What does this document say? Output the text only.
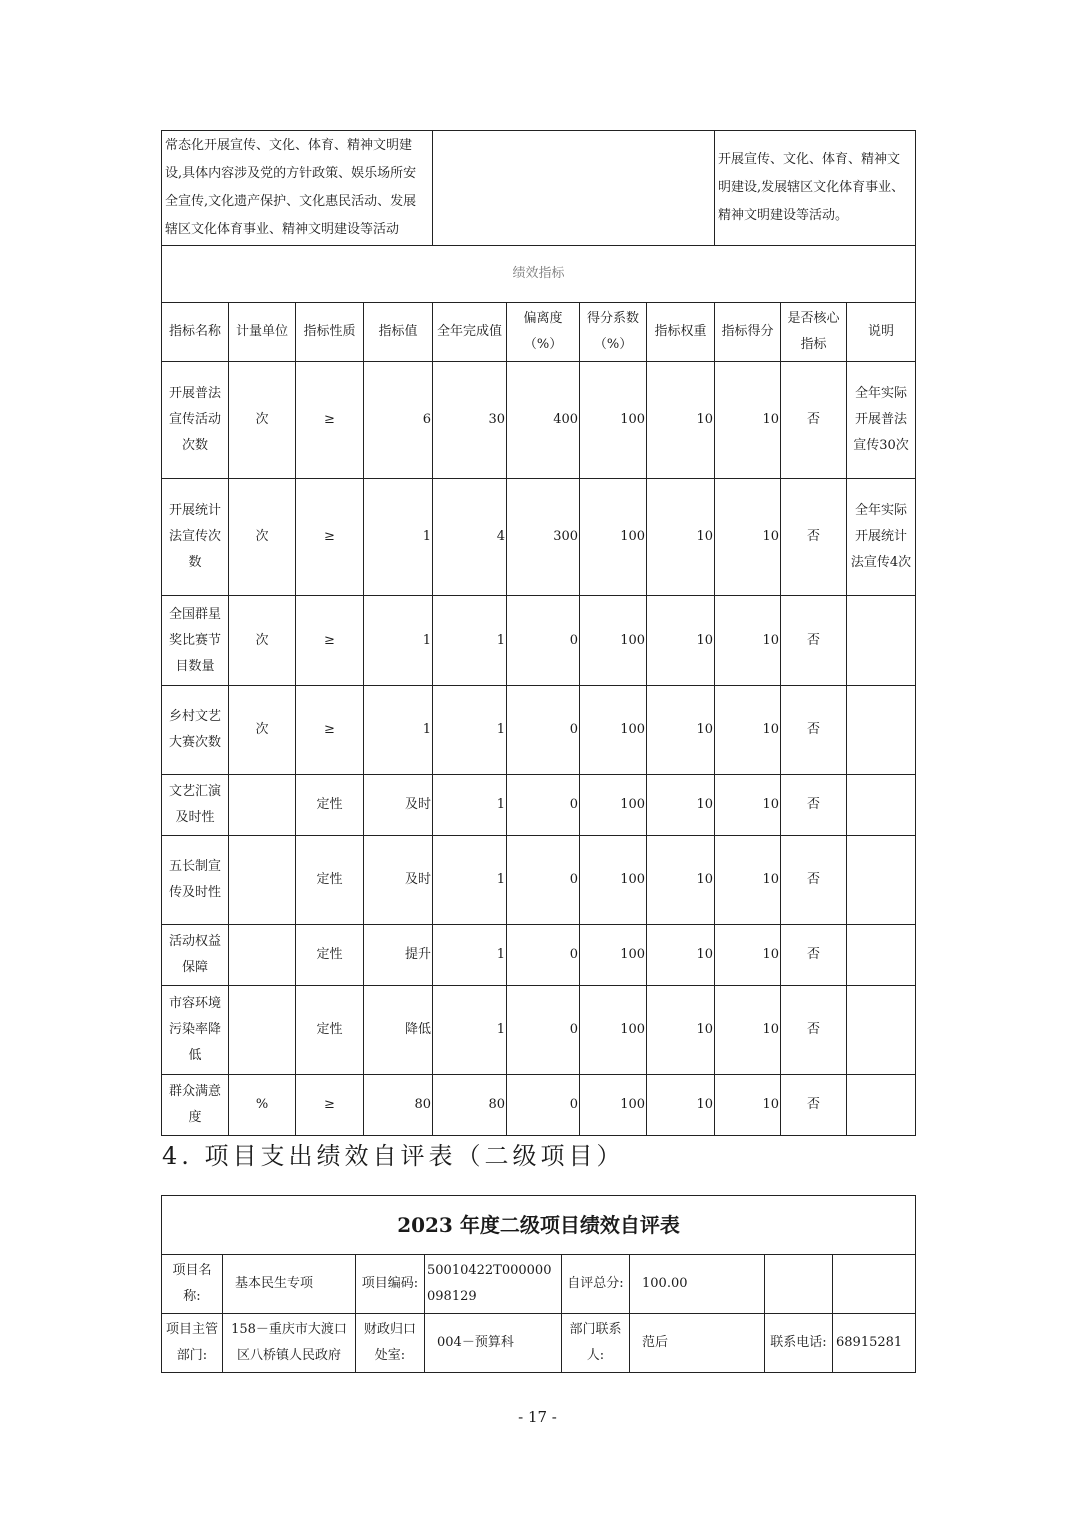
常态化开展宣传、文化、体育、精神文明建设,具体内容涉及党的方针政策、娱乐场所安全宣传,文化遗产保护、文化惠民活动、发展辖区文化体育事业、精神文明建设等活动								开展宣传、文化、体育、精神文明建设,发展辖区文化体育事业、精神文明建设等活动。		
绩效指标										
指标名称	计量单位	指标性质	指标值	全年完成值	偏离度（%）	得分系数（%）	指标权重	指标得分	是否核心指标	说明
开展普法宣传活动次数	次	≥	6	30	400	100	10	10	否	全年实际开展普法宣传30次
开展统计法宣传次数	次	≥	1	4	300	100	10	10	否	全年实际开展统计法宣传4次
全国群星奖比赛节目数量	次	≥	1	1	0	100	10	10	否	
乡村文艺大赛次数	次	≥	1	1	0	100	10	10	否	
文艺汇演及时性		定性	及时	1	0	100	10	10	否	
五长制宣传及时性		定性	及时	1	0	100	10	10	否	
活动权益保障		定性	提升	1	0	100	10	10	否	
市容环境污染率降低		定性	降低	1	0	100	10	10	否	
群众满意度	%	≥	80	80	0	100	10	10	否	
4. 项目支出绩效自评表（二级项目）
2023 年度二级项目绩效自评表							
项目名称:	基本民生专项	项目编码:	50010422T000000098129	自评总分:	100.00		
项目主管部门:	158－重庆市大渡口区八桥镇人民政府	财政归口处室:	004－预算科	部门联系人:	范后	联系电话:	68915281
- 17 -
